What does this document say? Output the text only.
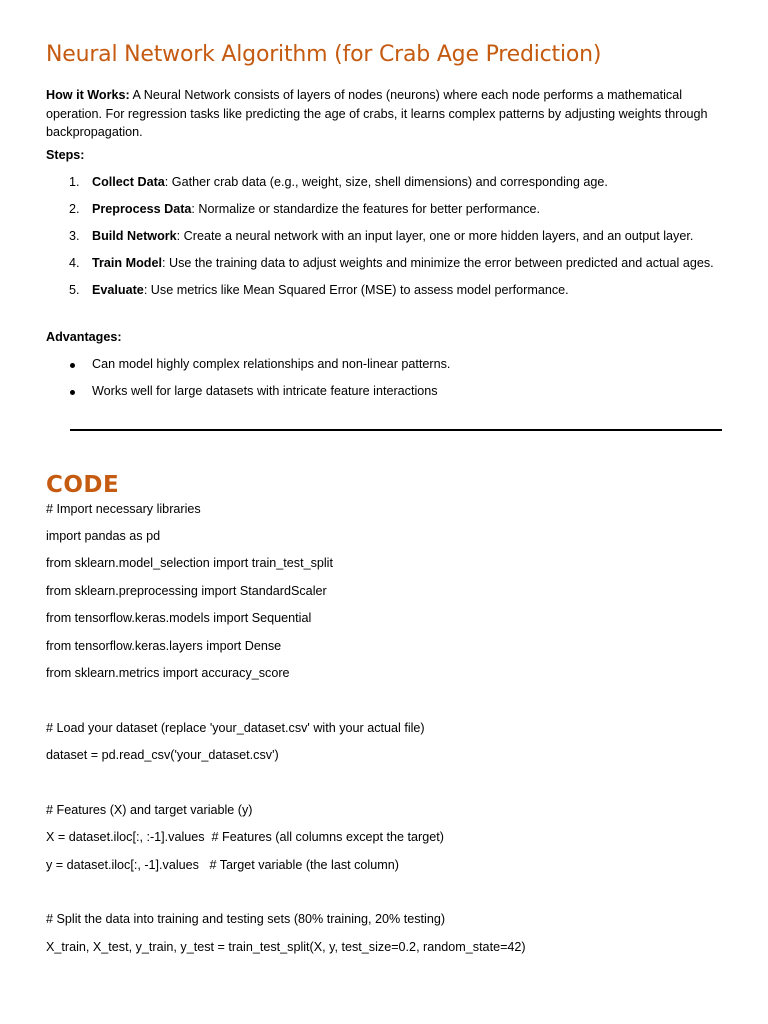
Neural Network Algorithm (for Crab Age Prediction)

How it Works: A Neural Network consists of layers of nodes (neurons) where each node performs a mathematical operation. For regression tasks like predicting the age of crabs, it learns complex patterns by adjusting weights through backpropagation.

Steps:

1. Collect Data: Gather crab data (e.g., weight, size, shell dimensions) and corresponding age.
2. Preprocess Data: Normalize or standardize the features for better performance.
3. Build Network: Create a neural network with an input layer, one or more hidden layers, and an output layer.
4. Train Model: Use the training data to adjust weights and minimize the error between predicted and actual ages.
5. Evaluate: Use metrics like Mean Squared Error (MSE) to assess model performance.

Advantages:

Can model highly complex relationships and non-linear patterns.
Works well for large datasets with intricate feature interactions
CODE

# Import necessary libraries

import pandas as pd

from sklearn.model_selection import train_test_split

from sklearn.preprocessing import StandardScaler

from tensorflow.keras.models import Sequential

from tensorflow.keras.layers import Dense

from sklearn.metrics import accuracy_score

# Load your dataset (replace 'your_dataset.csv' with your actual file)

dataset = pd.read_csv('your_dataset.csv')

# Features (X) and target variable (y)

X = dataset.iloc[:, :-1].values  # Features (all columns except the target)

y = dataset.iloc[:, -1].values   # Target variable (the last column)

# Split the data into training and testing sets (80% training, 20% testing)

X_train, X_test, y_train, y_test = train_test_split(X, y, test_size=0.2, random_state=42)
